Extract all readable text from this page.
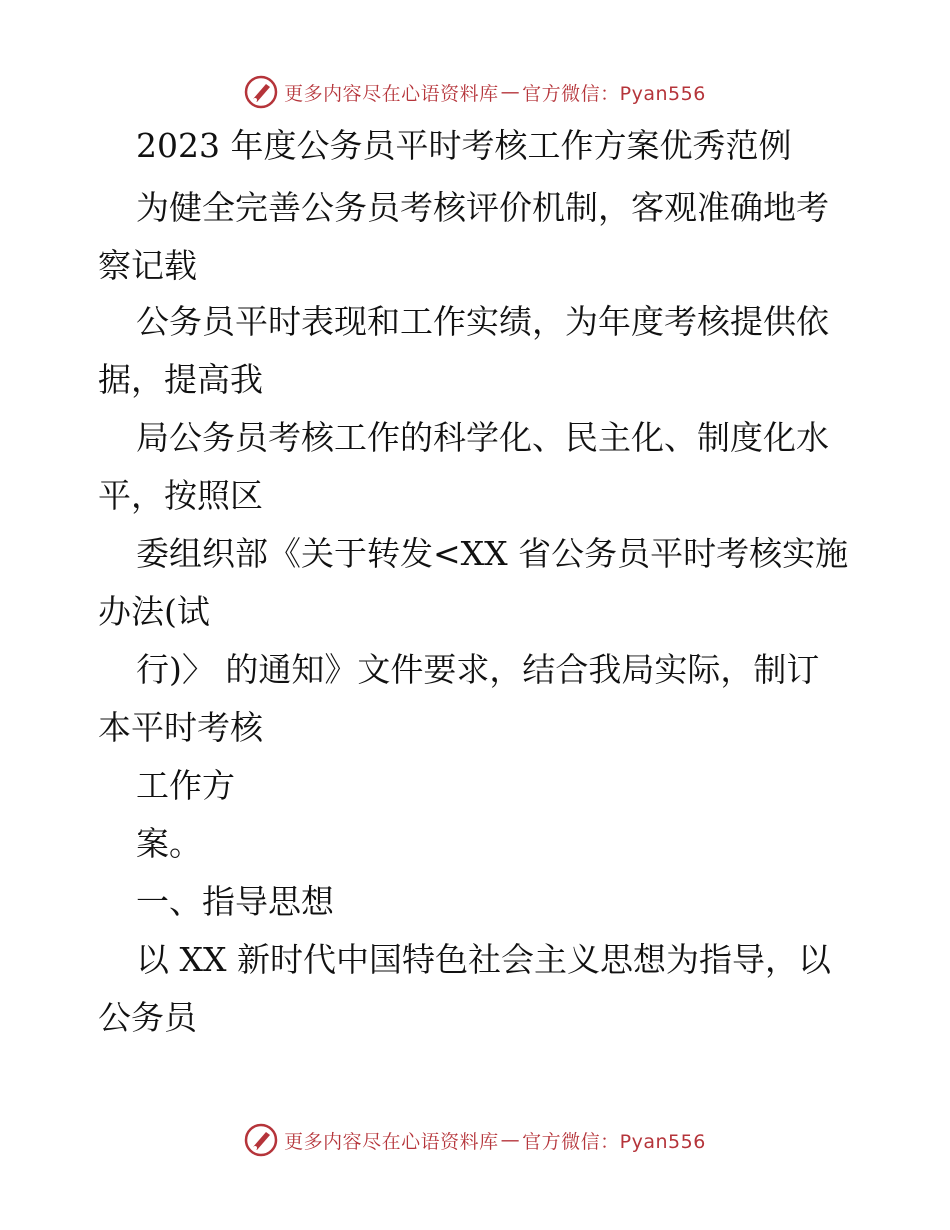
更多内容尽在心语资料库 — 官方微信：Pyan556
2023 年度公务员平时考核工作方案优秀范例
为健全完善公务员考核评价机制，客观准确地考
察记载
公务员平时表现和工作实绩，为年度考核提供依
据，提高我
局公务员考核工作的科学化、民主化、制度化水
平，按照区
委组织部《关于转发<XX 省公务员平时考核实施
办法(试
行)〉 的通知》文件要求，结合我局实际，制订
本平时考核
工作方
案。
一、指导思想
以 XX 新时代中国特色社会主义思想为指导，以
公务员
更多内容尽在心语资料库 — 官方微信：Pyan556
